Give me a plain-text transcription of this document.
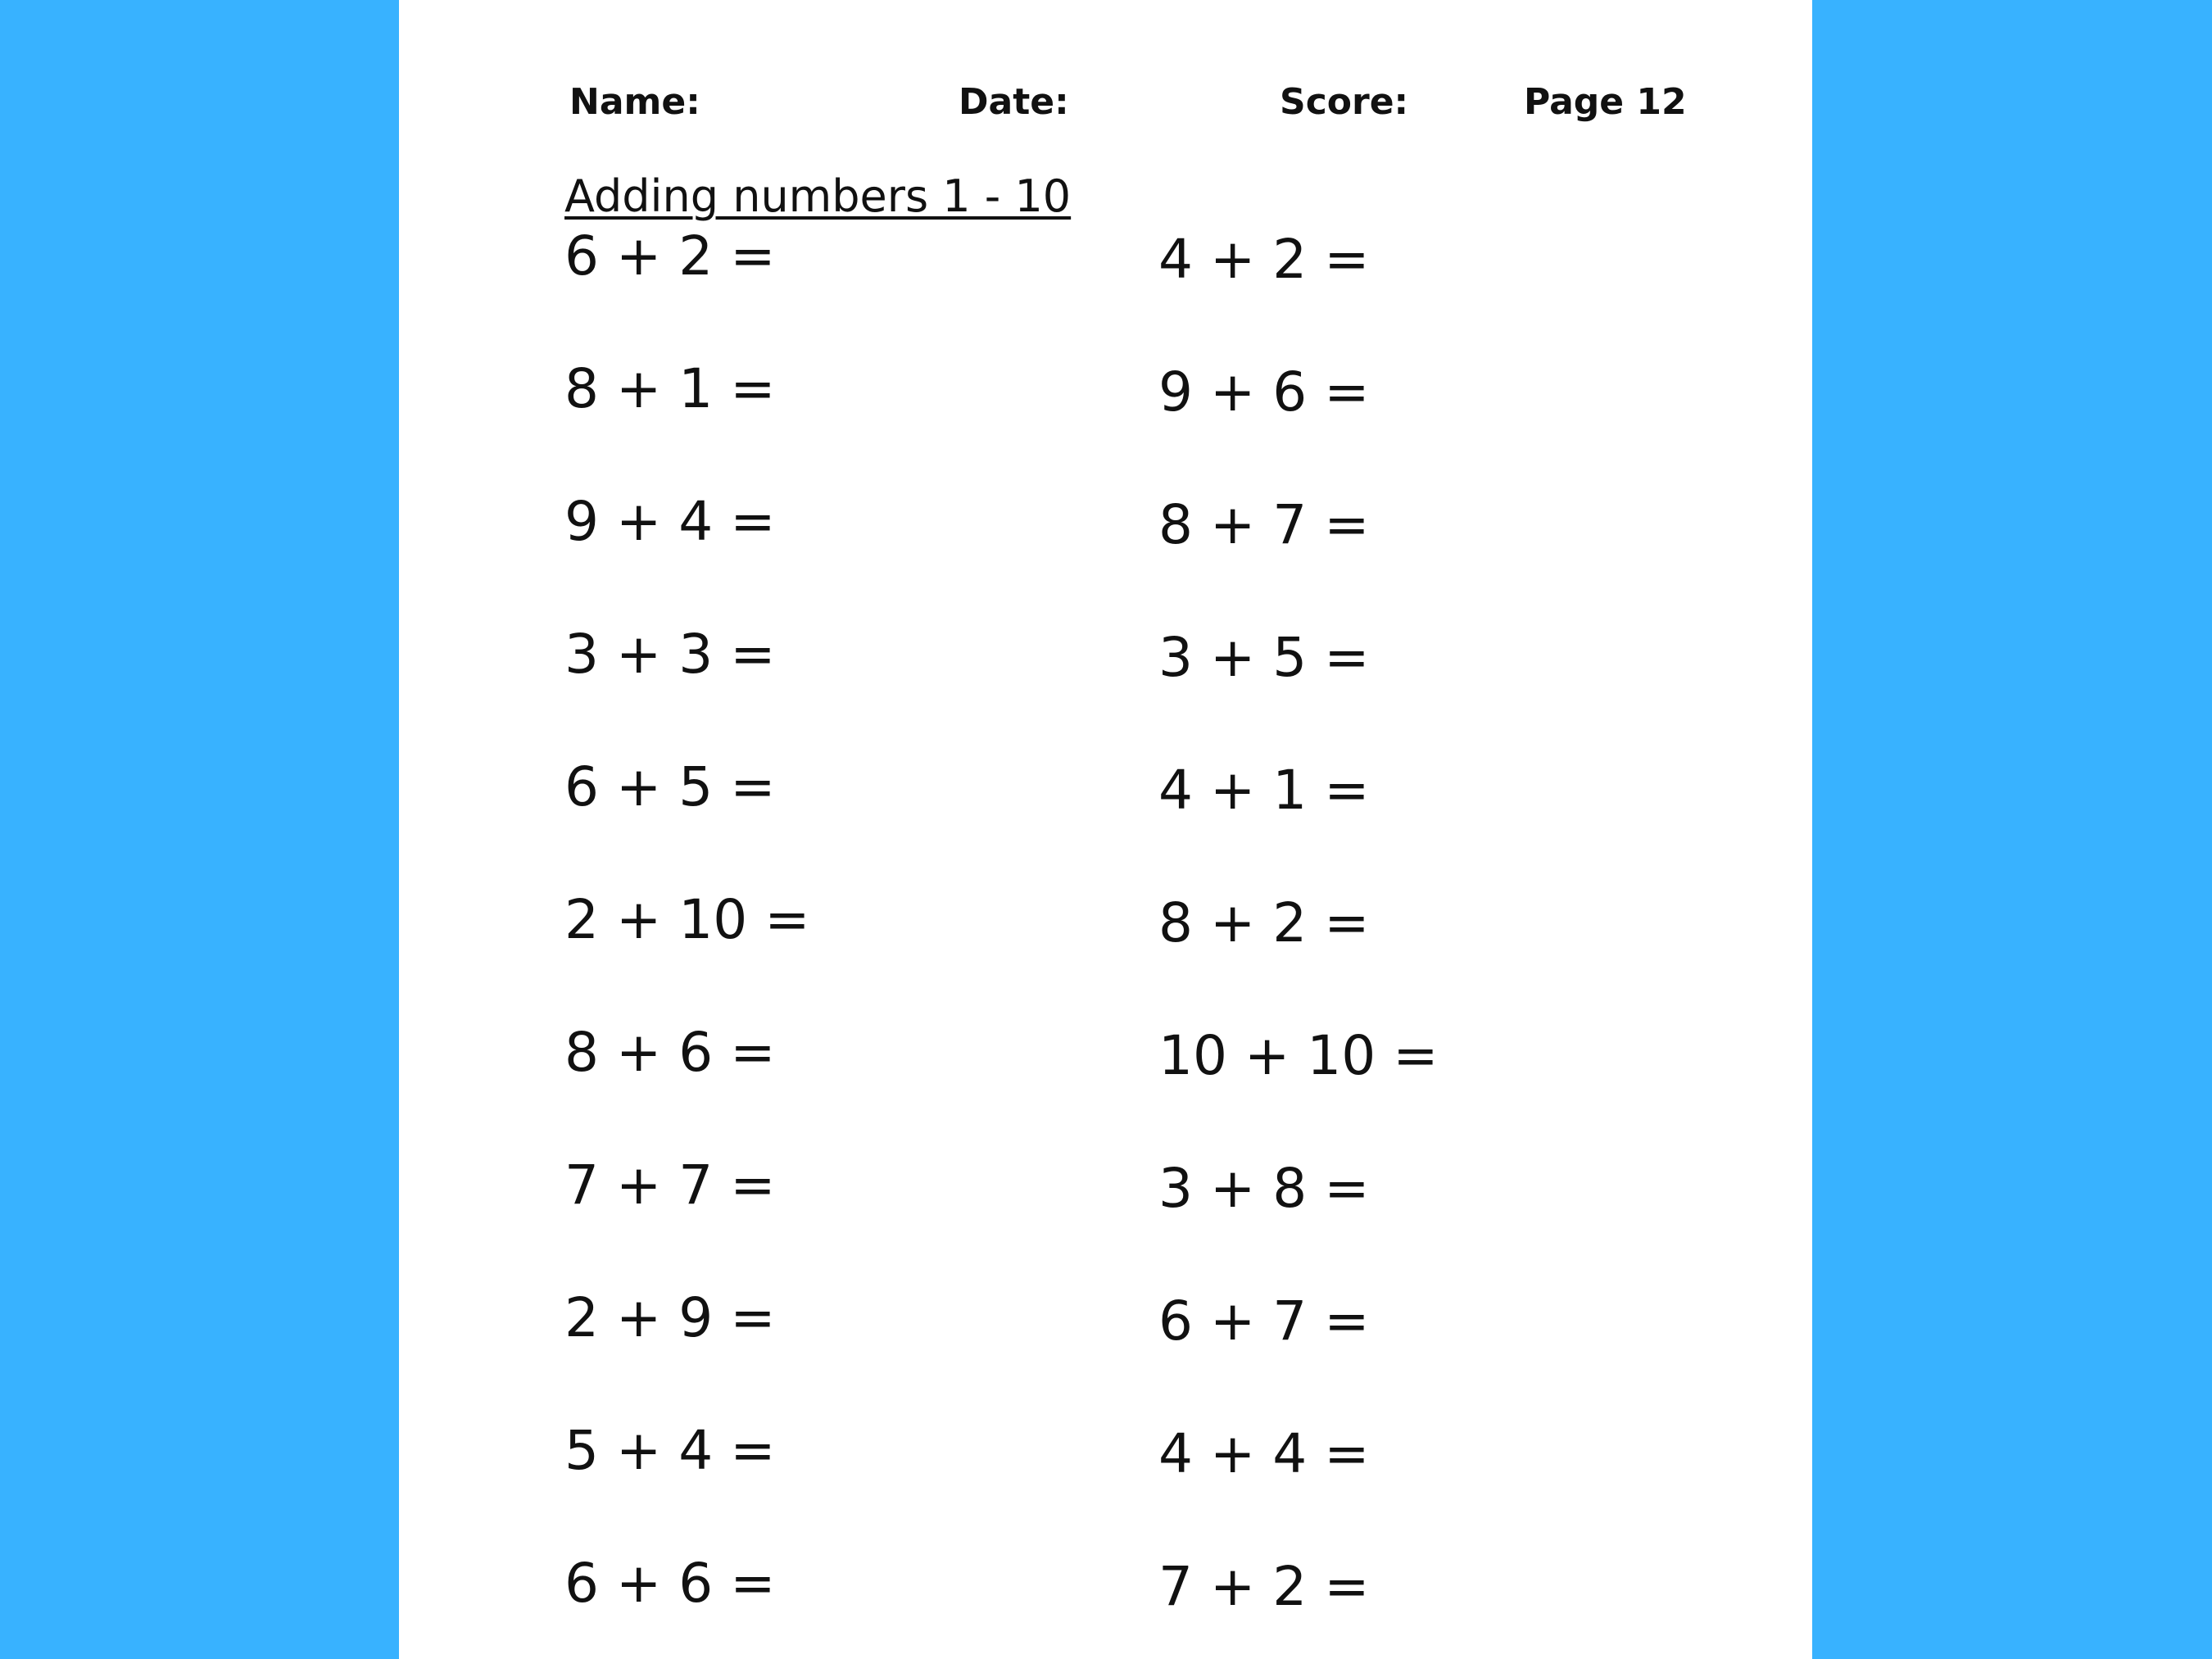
Name:	Date:	Score:	Page 12
Adding numbers 1 - 10
6 + 2 =
8 + 1 =
9 + 4 =
3 + 3 =
6 + 5 =
2 + 10 =
8 + 6 =
7 + 7 =
2 + 9 =
5 + 4 =
6 + 6 =
4 + 2 =
9 + 6 =
8 + 7 =
3 + 5 =
4 + 1 =
8 + 2 =
10 + 10 =
3 + 8 =
6 + 7 =
4 + 4 =
7 + 2 =
